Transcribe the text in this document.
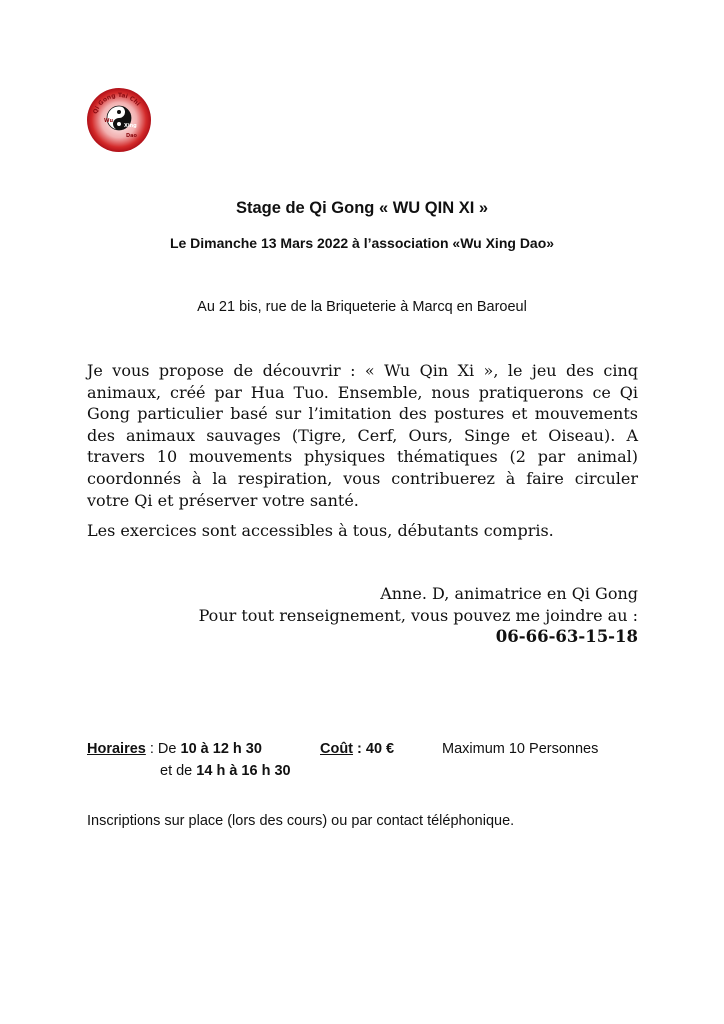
Qi Gong Tai Chi
Wu
Xing
Dao
Stage de Qi Gong « WU QIN XI »
Le Dimanche 13 Mars 2022 à l’association «Wu Xing Dao»
Au 21 bis, rue de la Briqueterie à Marcq en Baroeul

Je vous propose de découvrir : « Wu Qin Xi », le jeu des cinq animaux, créé par Hua Tuo. Ensemble, nous pratiquerons ce Qi Gong particulier basé sur l’imitation des postures et mouvements des animaux sauvages (Tigre, Cerf, Ours, Singe et Oiseau). A travers 10 mouvements physiques thématiques (2 par animal) coordonnés à la respiration, vous contribuerez à faire circuler votre Qi et préserver votre santé.

Les exercices sont accessibles à tous, débutants compris.

Anne. D, animatrice en Qi Gong
Pour tout renseignement, vous pouvez me joindre au :
06-66-63-15-18
Horaires : De 10 à 12 h 30
et de 14 h à 16 h 30
Coût : 40 €	Maximum 10 Personnes
Inscriptions sur place (lors des cours) ou par contact téléphonique.
